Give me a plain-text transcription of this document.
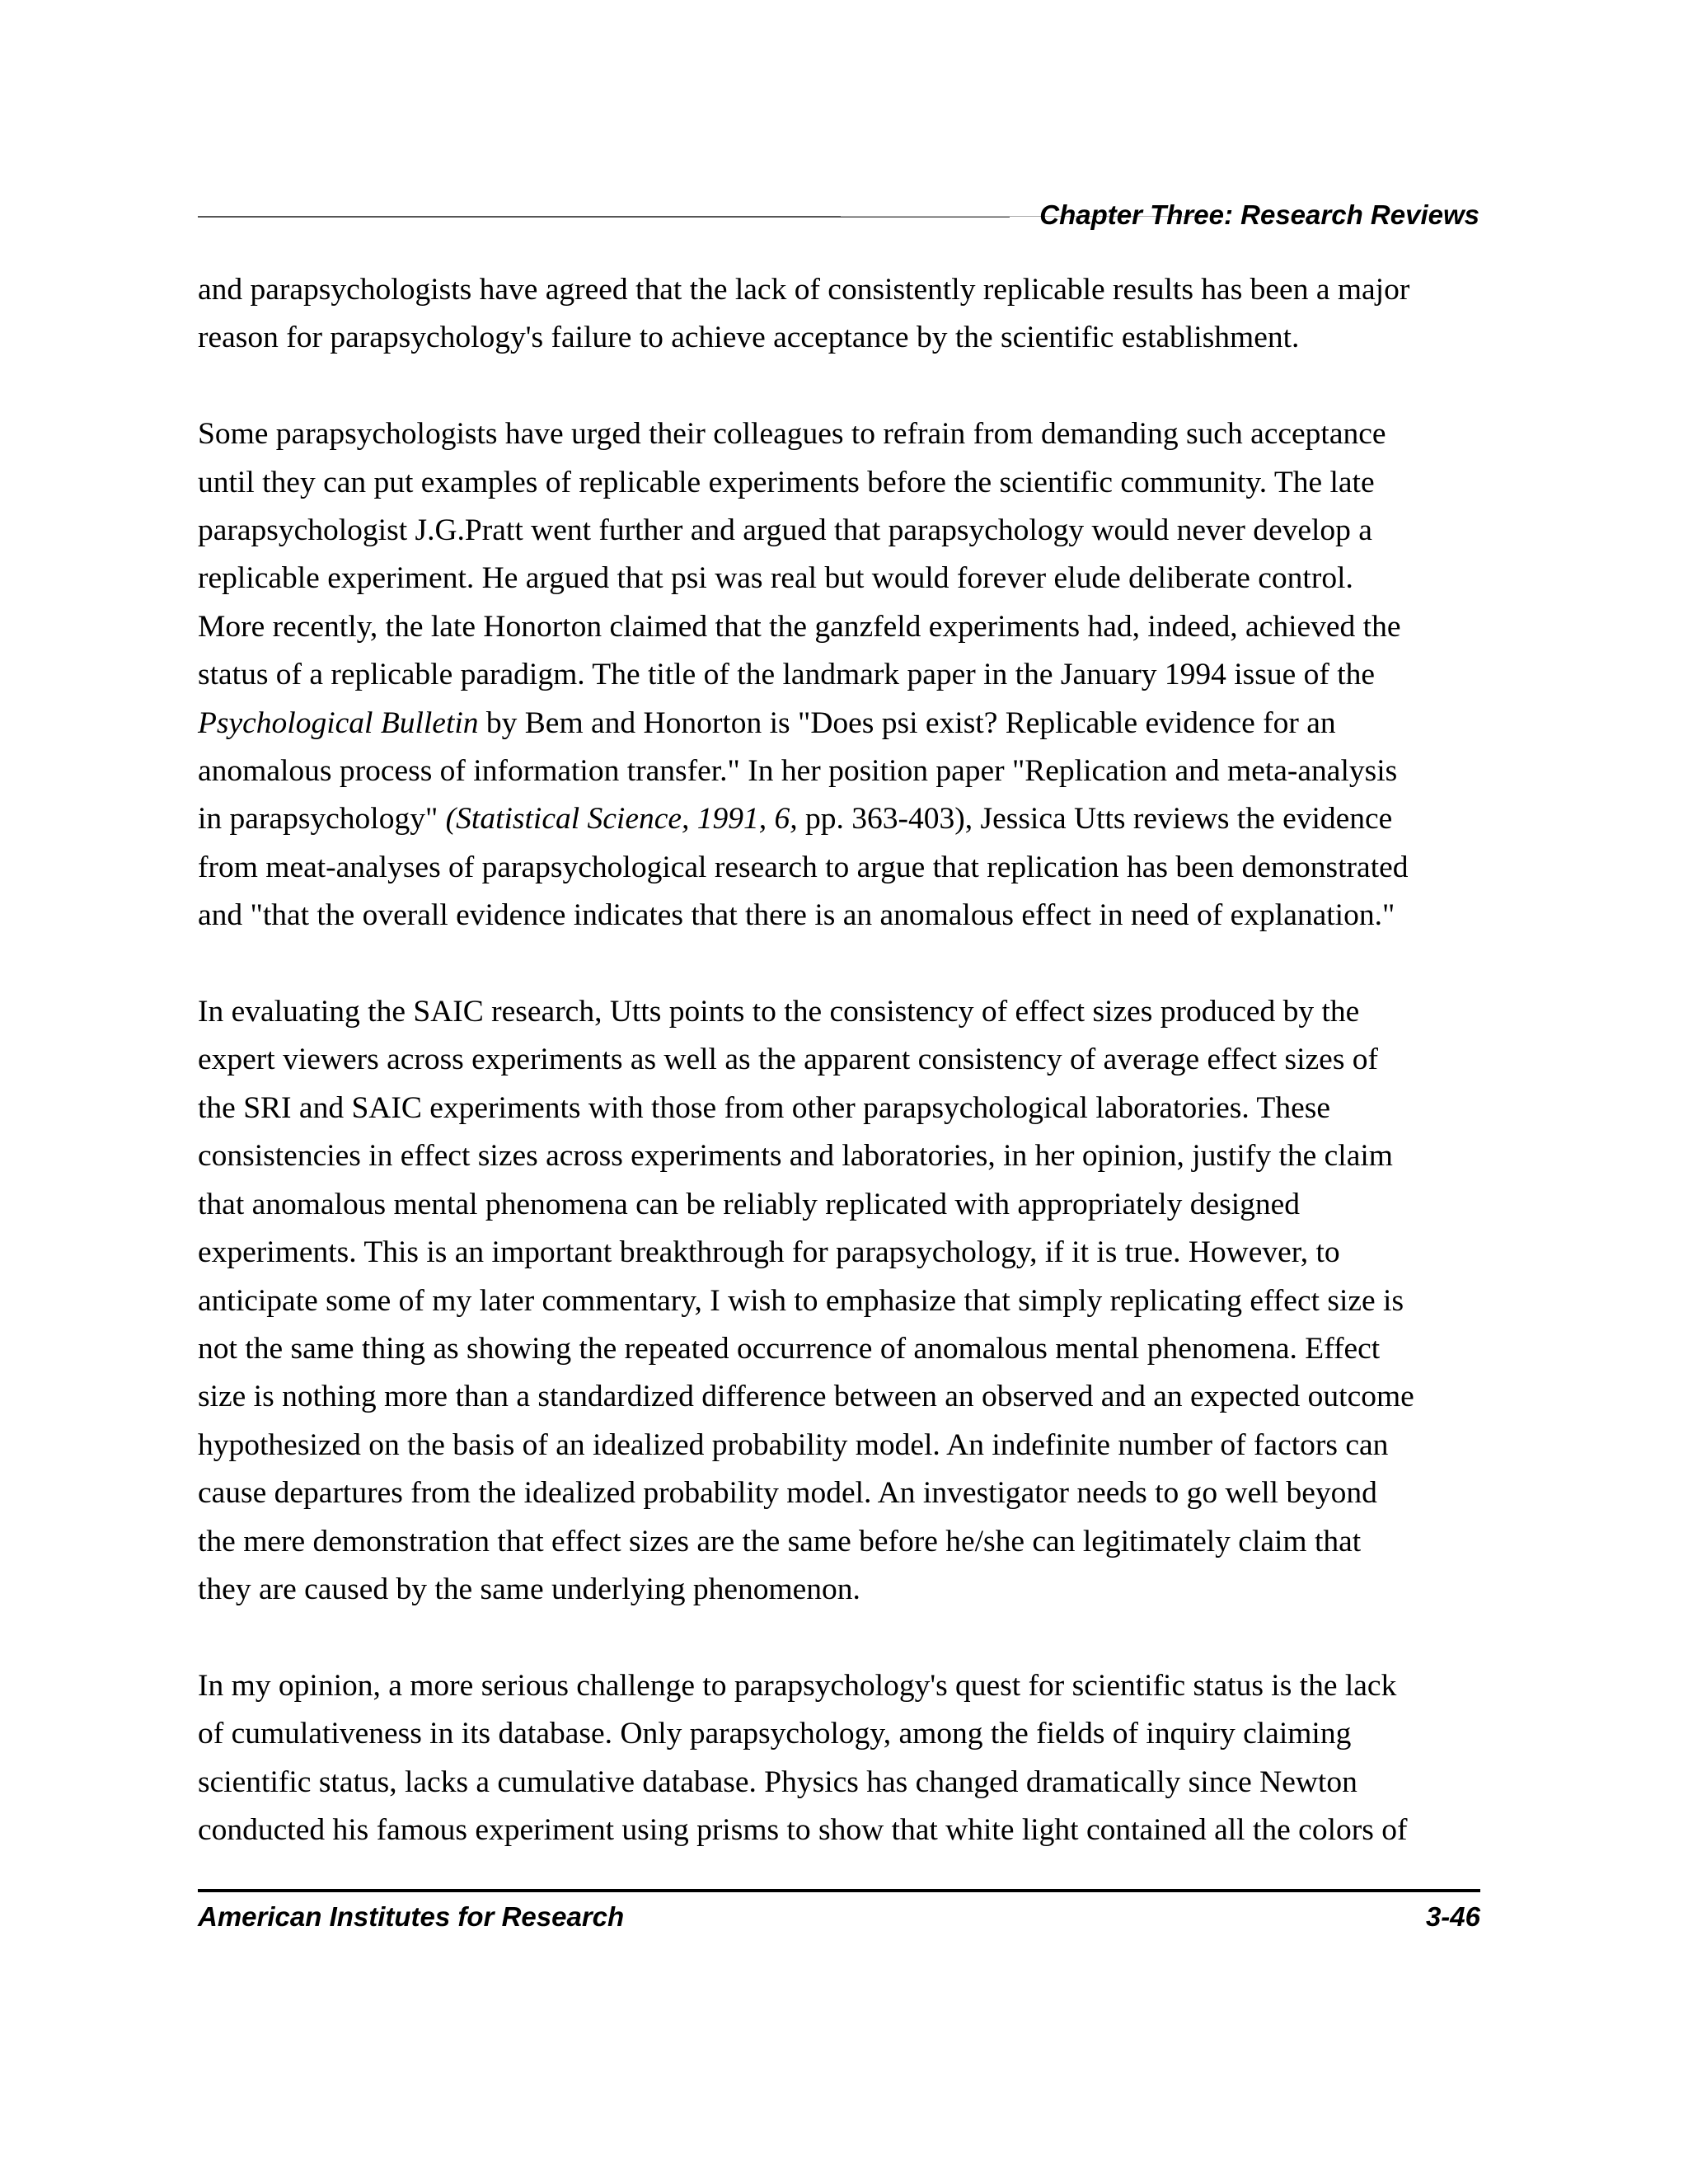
Chapter Three: Research Reviews

and parapsychologists have agreed that the lack of consistently replicable results has been a major
reason for parapsychology's failure to achieve acceptance by the scientific establishment.

Some parapsychologists have urged their colleagues to refrain from demanding such acceptance
until they can put examples of replicable experiments before the scientific community. The late
parapsychologist J.G.Pratt went further and argued that parapsychology would never develop a
replicable experiment. He argued that psi was real but would forever elude deliberate control.
More recently, the late Honorton claimed that the ganzfeld experiments had, indeed, achieved the
status of a replicable paradigm. The title of the landmark paper in the January 1994 issue of the
Psychological Bulletin by Bem and Honorton is "Does psi exist? Replicable evidence for an
anomalous process of information transfer." In her position paper "Replication and meta-analysis
in parapsychology" (Statistical Science, 1991, 6, pp. 363-403), Jessica Utts reviews the evidence
from meat-analyses of parapsychological research to argue that replication has been demonstrated
and "that the overall evidence indicates that there is an anomalous effect in need of explanation."

In evaluating the SAIC research, Utts points to the consistency of effect sizes produced by the
expert viewers across experiments as well as the apparent consistency of average effect sizes of
the SRI and SAIC experiments with those from other parapsychological laboratories. These
consistencies in effect sizes across experiments and laboratories, in her opinion, justify the claim
that anomalous mental phenomena can be reliably replicated with appropriately designed
experiments. This is an important breakthrough for parapsychology, if it is true. However, to
anticipate some of my later commentary, I wish to emphasize that simply replicating effect size is
not the same thing as showing the repeated occurrence of anomalous mental phenomena. Effect
size is nothing more than a standardized difference between an observed and an expected outcome
hypothesized on the basis of an idealized probability model. An indefinite number of factors can
cause departures from the idealized probability model. An investigator needs to go well beyond
the mere demonstration that effect sizes are the same before he/she can legitimately claim that
they are caused by the same underlying phenomenon.

In my opinion, a more serious challenge to parapsychology's quest for scientific status is the lack
of cumulativeness in its database. Only parapsychology, among the fields of inquiry claiming
scientific status, lacks a cumulative database. Physics has changed dramatically since Newton
conducted his famous experiment using prisms to show that white light contained all the colors of

American Institutes for Research	3-46
